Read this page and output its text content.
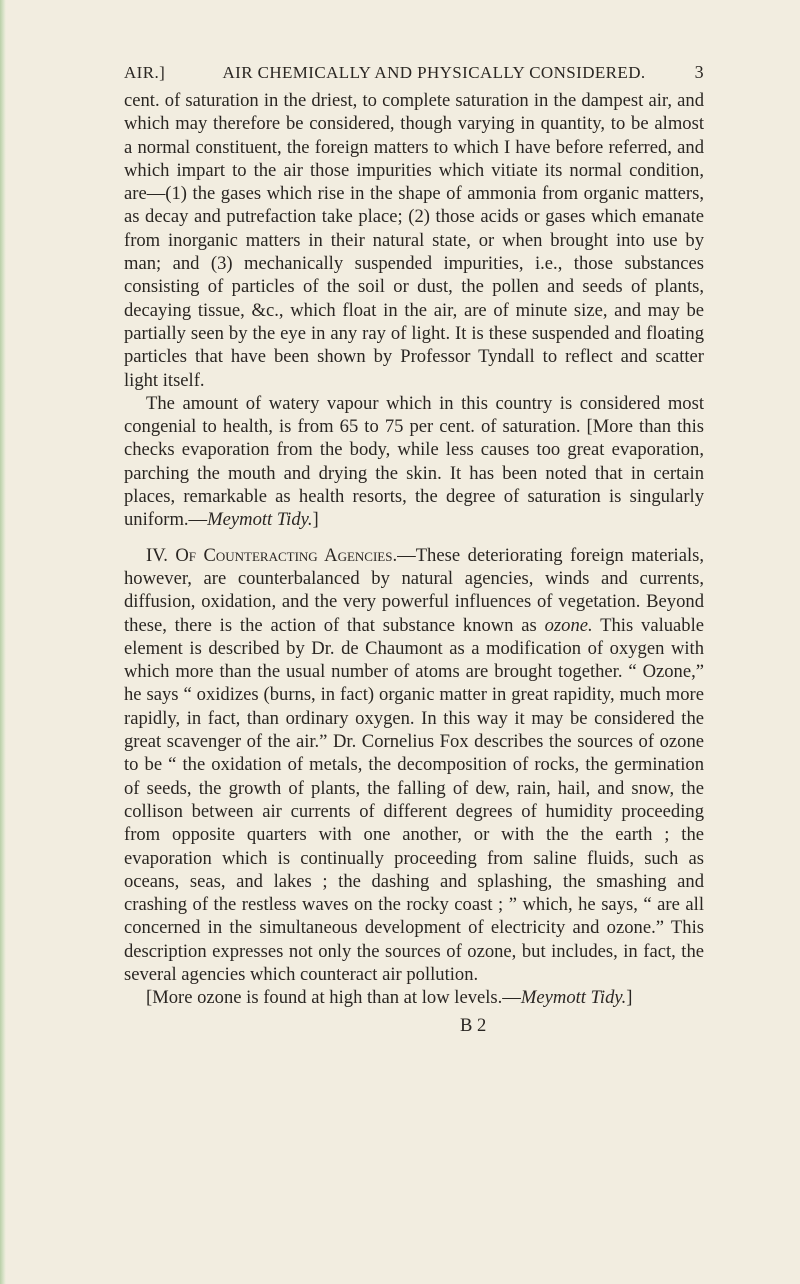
AIR.]	AIR CHEMICALLY AND PHYSICALLY CONSIDERED.	3

cent. of saturation in the driest, to complete saturation in the dampest air, and which may therefore be considered, though varying in quantity, to be almost a normal constituent, the foreign matters to which I have before referred, and which impart to the air those impurities which vitiate its normal condition, are—(1) the gases which rise in the shape of ammonia from organic matters, as decay and putrefaction take place; (2) those acids or gases which emanate from inorganic matters in their natural state, or when brought into use by man; and (3) mechanically suspended impurities, i.e., those substances consisting of particles of the soil or dust, the pollen and seeds of plants, decaying tissue, &c., which float in the air, are of minute size, and may be partially seen by the eye in any ray of light. It is these suspended and floating particles that have been shown by Professor Tyndall to reflect and scatter light itself.

The amount of watery vapour which in this country is considered most congenial to health, is from 65 to 75 per cent. of saturation. [More than this checks evaporation from the body, while less causes too great evaporation, parching the mouth and drying the skin. It has been noted that in certain places, remarkable as health resorts, the degree of saturation is singularly uniform.—Meymott Tidy.]

IV. Of Counteracting Agencies.—These deteriorating foreign materials, however, are counterbalanced by natural agencies, winds and currents, diffusion, oxidation, and the very powerful influences of vegetation. Beyond these, there is the action of that substance known as ozone. This valuable element is described by Dr. de Chaumont as a modification of oxygen with which more than the usual number of atoms are brought together. “ Ozone,” he says “ oxidizes (burns, in fact) organic matter in great rapidity, much more rapidly, in fact, than ordinary oxygen. In this way it may be considered the great scavenger of the air.” Dr. Cornelius Fox describes the sources of ozone to be “ the oxidation of metals, the decomposition of rocks, the germination of seeds, the growth of plants, the falling of dew, rain, hail, and snow, the collison between air currents of different degrees of humidity proceeding from opposite quarters with one another, or with the the earth ; the evaporation which is continually proceeding from saline fluids, such as oceans, seas, and lakes ; the dashing and splashing, the smashing and crashing of the restless waves on the rocky coast ; ” which, he says, “ are all concerned in the simultaneous development of electricity and ozone.” This description expresses not only the sources of ozone, but includes, in fact, the several agencies which counteract air pollution.

[More ozone is found at high than at low levels.—Meymott Tidy.]

B 2
